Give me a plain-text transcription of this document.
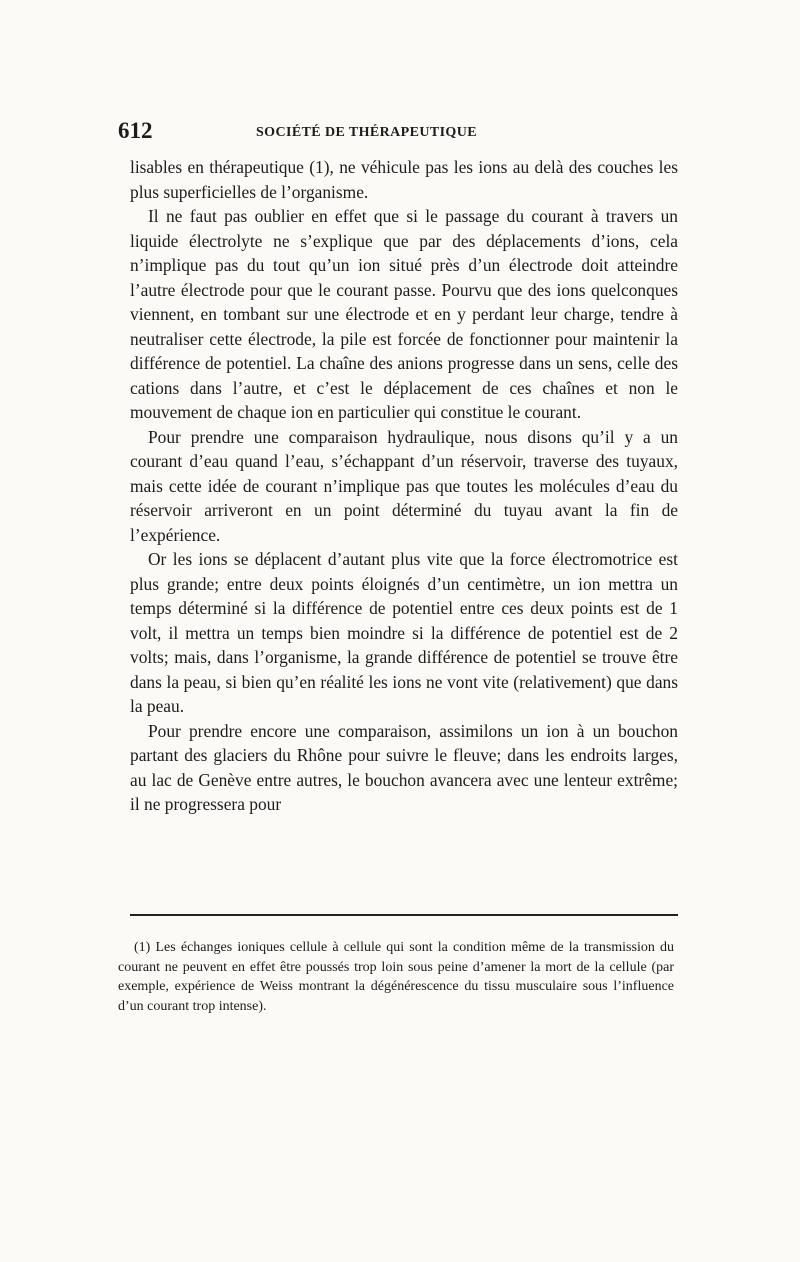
612	SOCIÉTÉ DE THÉRAPEUTIQUE

lisables en thérapeutique (1), ne véhicule pas les ions au delà des couches les plus superficielles de l’organisme.

Il ne faut pas oublier en effet que si le passage du courant à travers un liquide électrolyte ne s’explique que par des déplacements d’ions, cela n’implique pas du tout qu’un ion situé près d’un électrode doit atteindre l’autre électrode pour que le courant passe. Pourvu que des ions quelconques viennent, en tombant sur une électrode et en y perdant leur charge, tendre à neutraliser cette électrode, la pile est forcée de fonctionner pour maintenir la différence de potentiel. La chaîne des anions progresse dans un sens, celle des cations dans l’autre, et c’est le déplacement de ces chaînes et non le mouvement de chaque ion en particulier qui constitue le courant.

Pour prendre une comparaison hydraulique, nous disons qu’il y a un courant d’eau quand l’eau, s’échappant d’un réservoir, traverse des tuyaux, mais cette idée de courant n’implique pas que toutes les molécules d’eau du réservoir arriveront en un point déterminé du tuyau avant la fin de l’expérience.

Or les ions se déplacent d’autant plus vite que la force électromotrice est plus grande; entre deux points éloignés d’un centimètre, un ion mettra un temps déterminé si la différence de potentiel entre ces deux points est de 1 volt, il mettra un temps bien moindre si la différence de potentiel est de 2 volts; mais, dans l’organisme, la grande différence de potentiel se trouve être dans la peau, si bien qu’en réalité les ions ne vont vite (relativement) que dans la peau.

Pour prendre encore une comparaison, assimilons un ion à un bouchon partant des glaciers du Rhône pour suivre le fleuve; dans les endroits larges, au lac de Genève entre autres, le bouchon avancera avec une lenteur extrême; il ne progressera pour

(1) Les échanges ioniques cellule à cellule qui sont la condition même de la transmission du courant ne peuvent en effet être poussés trop loin sous peine d’amener la mort de la cellule (par exemple, expérience de Weiss montrant la dégénérescence du tissu musculaire sous l’influence d’un courant trop intense).
